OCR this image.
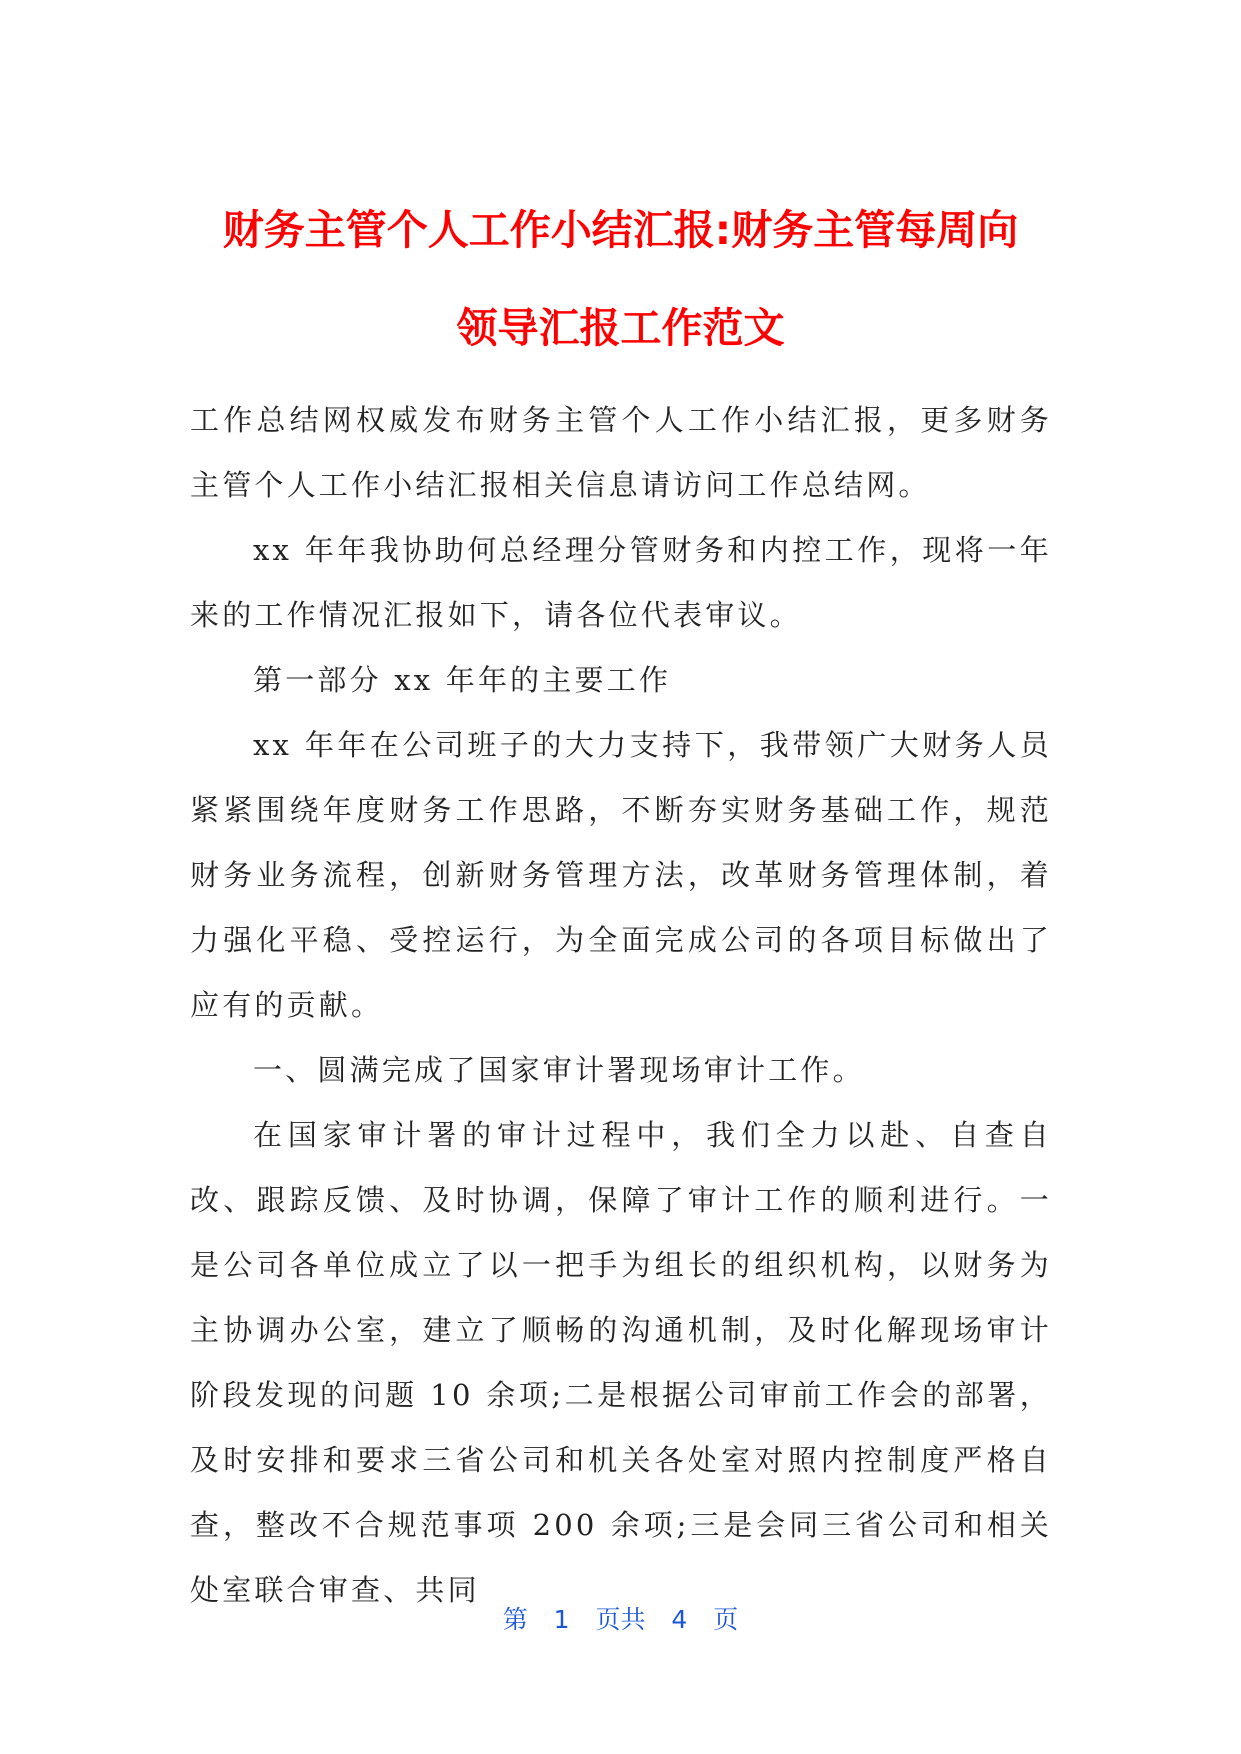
财务主管个人工作小结汇报:财务主管每周向
领导汇报工作范文

工作总结网权威发布财务主管个人工作小结汇报，更多财务主管个人工作小结汇报相关信息请访问工作总结网。

xx 年年我协助何总经理分管财务和内控工作，现将一年来的工作情况汇报如下，请各位代表审议。

第一部分 xx 年年的主要工作

xx 年年在公司班子的大力支持下，我带领广大财务人员紧紧围绕年度财务工作思路，不断夯实财务基础工作，规范财务业务流程，创新财务管理方法，改革财务管理体制，着力强化平稳、受控运行，为全面完成公司的各项目标做出了应有的贡献。

一、圆满完成了国家审计署现场审计工作。

在国家审计署的审计过程中，我们全力以赴、自查自改、跟踪反馈、及时协调，保障了审计工作的顺利进行。一是公司各单位成立了以一把手为组长的组织机构，以财务为主协调办公室，建立了顺畅的沟通机制，及时化解现场审计阶段发现的问题 10 余项;二是根据公司审前工作会的部署，及时安排和要求三省公司和机关各处室对照内控制度严格自查，整改不合规范事项 200 余项;三是会同三省公司和相关处室联合审查、共同

第 1 页共 4 页
